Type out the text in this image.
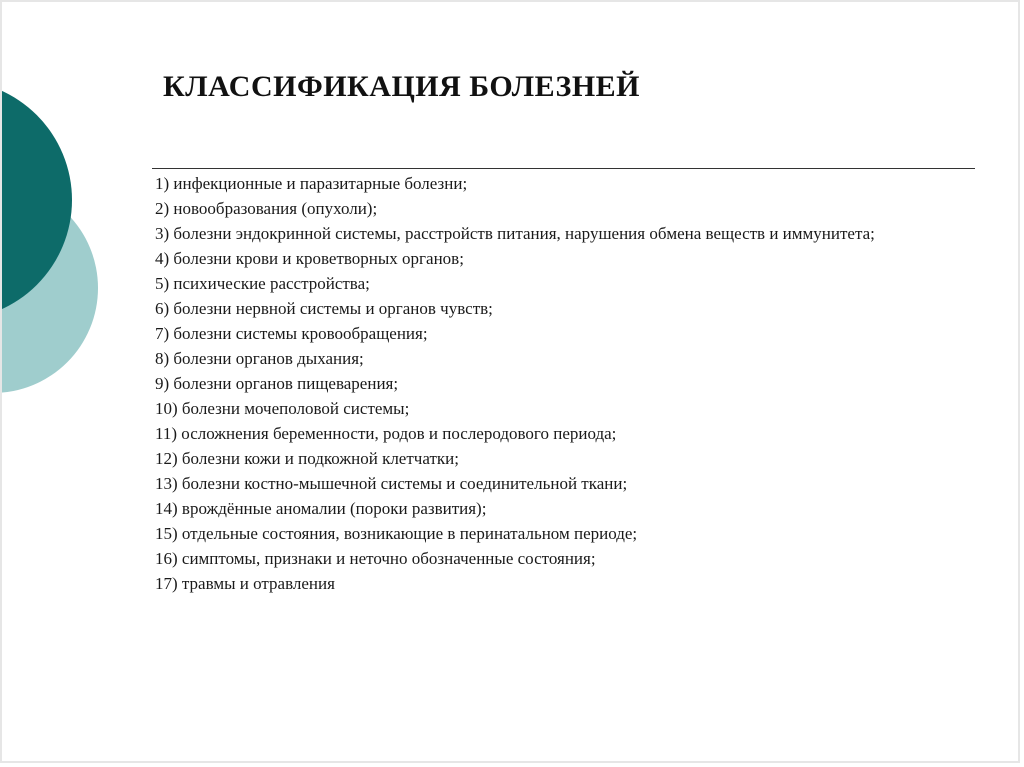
КЛАССИФИКАЦИЯ БОЛЕЗНЕЙ
1) инфекционные и паразитарные болезни;
2) новообразования (опухоли);
3) болезни эндокринной системы, расстройств питания, нарушения обмена веществ и иммунитета;
4) болезни крови и кроветворных органов;
5) психические расстройства;
6) болезни нервной системы и органов чувств;
7) болезни системы кровообращения;
8) болезни органов дыхания;
9) болезни органов пищеварения;
10) болезни мочеполовой системы;
11) осложнения беременности, родов и послеродового периода;
12) болезни кожи и подкожной клетчатки;
13) болезни костно-мышечной системы и соединительной ткани;
14) врождённые аномалии (пороки развития);
15) отдельные состояния, возникающие в перинатальном периоде;
16) симптомы, признаки и неточно обозначенные состояния;
17) травмы и отравления
